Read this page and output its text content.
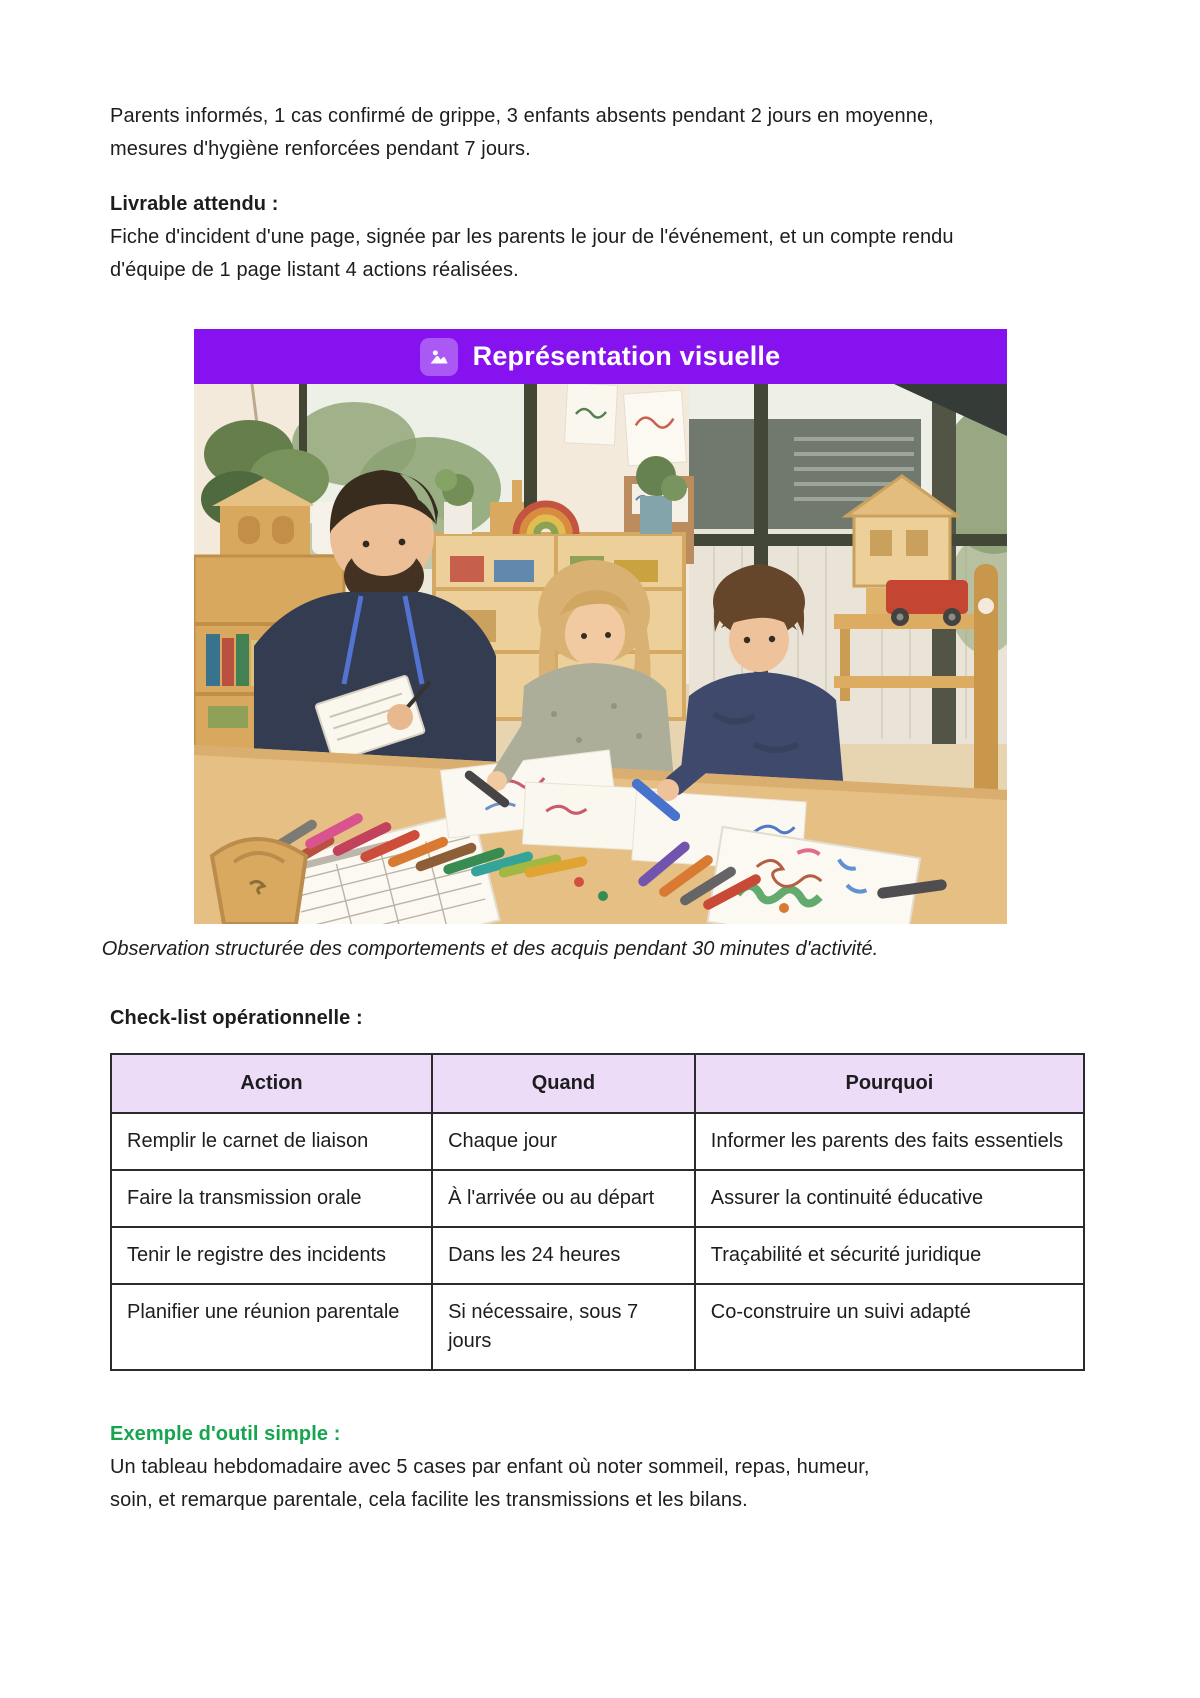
Parents informés, 1 cas confirmé de grippe, 3 enfants absents pendant 2 jours en moyenne, mesures d'hygiène renforcées pendant 7 jours.

Livrable attendu :

Fiche d'incident d'une page, signée par les parents le jour de l'événement, et un compte rendu d'équipe de 1 page listant 4 actions réalisées.

Représentation visuelle
Observation structurée des comportements et des acquis pendant 30 minutes d'activité.

Check-list opérationnelle :

Action	Quand	Pourquoi
Remplir le carnet de liaison	Chaque jour	Informer les parents des faits essentiels
Faire la transmission orale	À l'arrivée ou au départ	Assurer la continuité éducative
Tenir le registre des incidents	Dans les 24 heures	Traçabilité et sécurité juridique
Planifier une réunion parentale	Si nécessaire, sous 7 jours	Co-construire un suivi adapté

Exemple d'outil simple :

Un tableau hebdomadaire avec 5 cases par enfant où noter sommeil, repas, humeur, soin, et remarque parentale, cela facilite les transmissions et les bilans.
